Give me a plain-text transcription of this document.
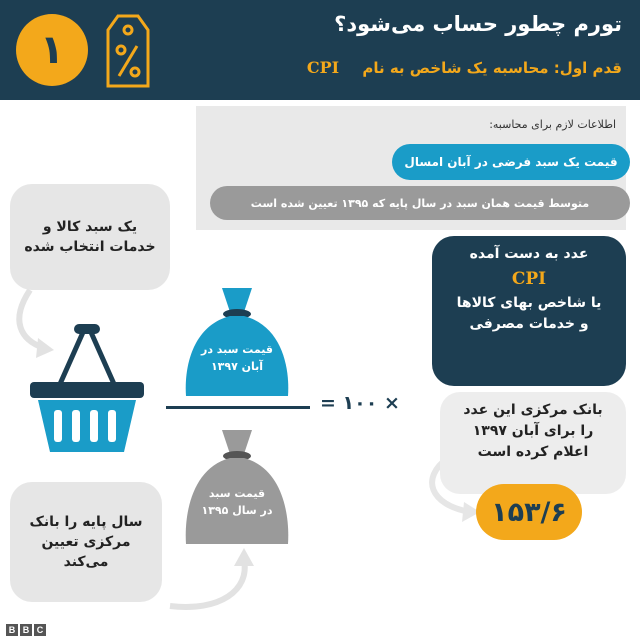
۱
تورم چطور حساب می‌شود؟
قدم اول: محاسبه یک شاخص به نام CPI
اطلاعات لازم برای محاسبه:
قیمت یک سبد فرضی در آبان امسال
متوسط قیمت همان سبد در سال پایه که ۱۳۹۵ تعیین شده است
یک سبد کالا و خدمات انتخاب شده
سال پایه را بانک مرکزی تعیین می‌کند
قیمت سبد در
آبان ۱۳۹۷
× ۱۰۰ =
قیمت سبد
در سال ۱۳۹۵
عدد به دست آمده
CPI
یا شاخص بهای کالاها
و خدمات مصرفی
بانک مرکزی این عدد
را برای آبان ۱۳۹۷
اعلام کرده است
۱۵۳/۶
B B C
